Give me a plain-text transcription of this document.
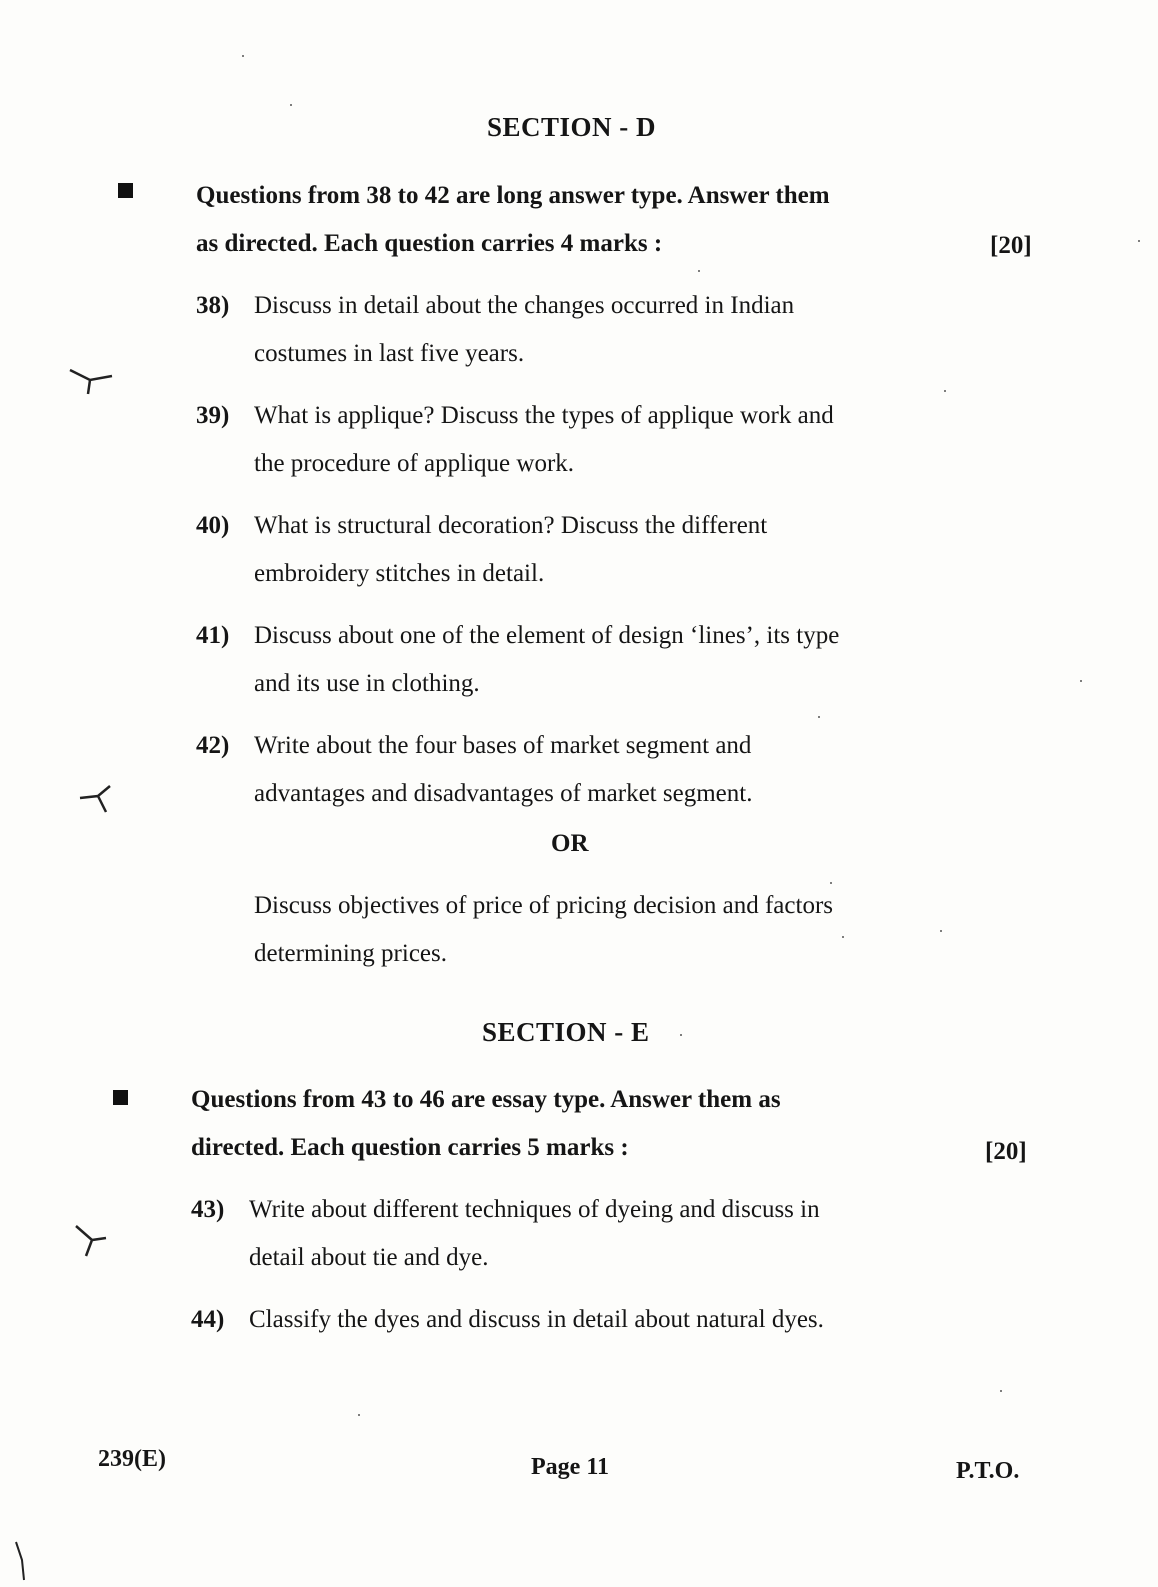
SECTION - D
Questions from 38 to 42 are long answer type. Answer them
as directed. Each question carries 4 marks :	[20]
38) Discuss in detail about the changes occurred in Indian
costumes in last five years.
39) What is applique? Discuss the types of applique work and
the procedure of applique work.
40) What is structural decoration? Discuss the different
embroidery stitches in detail.
41) Discuss about one of the element of design ‘lines’, its type
and its use in clothing.
42) Write about the four bases of market segment and
advantages and disadvantages of market segment.
OR
Discuss objectives of price of pricing decision and factors
determining prices.
SECTION - E
Questions from 43 to 46 are essay type. Answer them as
directed. Each question carries 5 marks :	[20]
43) Write about different techniques of dyeing and discuss in
detail about tie and dye.
44) Classify the dyes and discuss in detail about natural dyes.
239(E)	Page 11	P.T.O.
